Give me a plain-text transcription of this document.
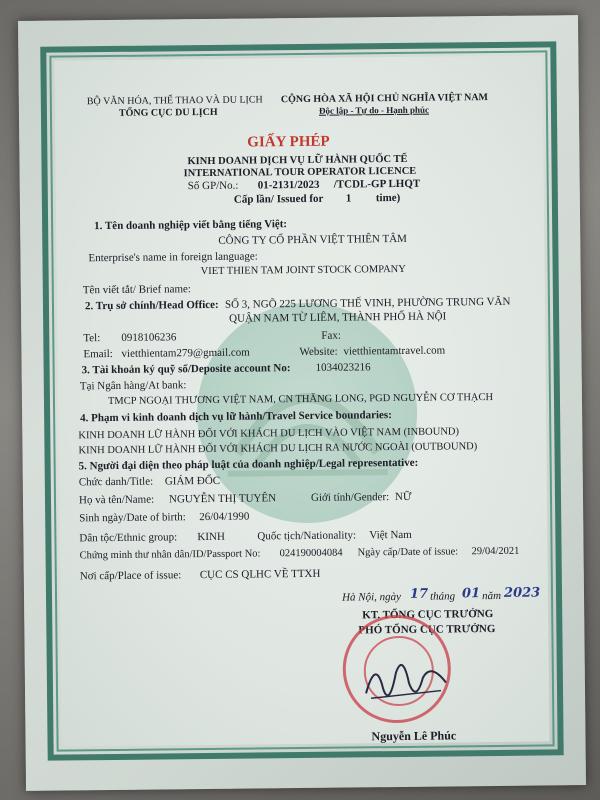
BỘ VĂN HÓA, THỂ THAO VÀ DU LỊCH
TỔNG CỤC DU LỊCH
CỘNG HÒA XÃ HỘI CHỦ NGHĨA VIỆT NAM
Độc lập - Tự do - Hạnh phúc
GIẤY PHÉP
KINH DOANH DỊCH VỤ LỮ HÀNH QUỐC TẾ
INTERNATIONAL TOUR OPERATOR LICENCE
Số GP/No.: 01-2131/2023 /TCDL-GP LHQT
Cấp lần/ Issued for 1 time)
1. Tên doanh nghiệp viết bằng tiếng Việt:
CÔNG TY CỔ PHẦN VIỆT THIÊN TÂM
Enterprise's name in foreign language:
VIET THIEN TAM JOINT STOCK COMPANY
Tên viết tắt/ Brief name:
2. Trụ sở chính/Head Office: SỐ 3, NGÕ 225 LƯƠNG THẾ VINH, PHƯỜNG TRUNG VĂN
QUẬN NAM TỪ LIÊM, THÀNH PHỐ HÀ NỘI
Tel: 0918106236	Fax:
Email: vietthientam279@gmail.com	Website: vietthientamtravel.com
3. Tài khoản ký quỹ số/Deposite account No: 1034023216
Tại Ngân hàng/At bank:
TMCP NGOẠI THƯƠNG VIỆT NAM, CN THĂNG LONG, PGD NGUYỄN CƠ THẠCH
4. Phạm vi kinh doanh dịch vụ lữ hành/Travel Service boundaries:
KINH DOANH LỮ HÀNH ĐỐI VỚI KHÁCH DU LỊCH VÀO VIỆT NAM (INBOUND)
KINH DOANH LỮ HÀNH ĐỐI VỚI KHÁCH DU LỊCH RA NƯỚC NGOÀI (OUTBOUND)
5. Người đại diện theo pháp luật của doanh nghiệp/Legal representative:
Chức danh/Title: GIÁM ĐỐC
Họ và tên/Name: NGUYỄN THỊ TUYÊN	Giới tính/Gender: NỮ
Sinh ngày/Date of birth: 26/04/1990
Dân tộc/Ethnic group: KINH	Quốc tịch/Nationality: Việt Nam
Chứng minh thư nhân dân/ID/Passport No: 024190004084 Ngày cấp/Date of issue: 29/04/2021
Nơi cấp/Place of issue: CỤC CS QLHC VỀ TTXH
Hà Nội, ngày 17 tháng 01 năm 2023
KT. TỔNG CỤC TRƯỞNG
PHÓ TỔNG CỤC TRƯỞNG
Nguyễn Lê Phúc
